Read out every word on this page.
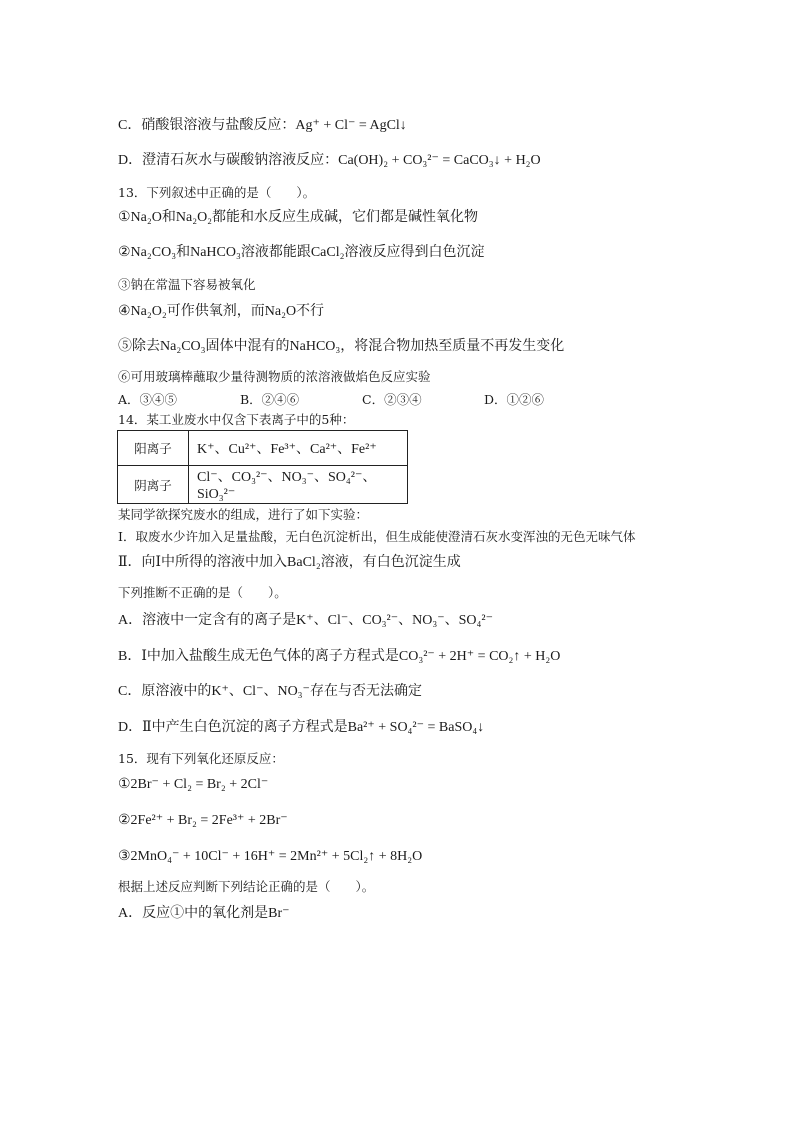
C．硝酸银溶液与盐酸反应：Ag⁺ + Cl⁻ = AgCl↓
D．澄清石灰水与碳酸钠溶液反应：Ca(OH)₂ + CO₃²⁻ = CaCO₃↓ + H₂O
13．下列叙述中正确的是（　　）。
①Na₂O和Na₂O₂都能和水反应生成碱，它们都是碱性氧化物
②Na₂CO₃和NaHCO₃溶液都能跟CaCl₂溶液反应得到白色沉淀
③钠在常温下容易被氧化
④Na₂O₂可作供氧剂，而Na₂O不行
⑤除去Na₂CO₃固体中混有的NaHCO₃，将混合物加热至质量不再发生变化
⑥可用玻璃棒蘸取少量待测物质的浓溶液做焰色反应实验
A．③④⑤	B．②④⑥	C．②③④	D．①②⑥
14．某工业废水中仅含下表离子中的5种：
阳离子	K⁺、Cu²⁺、Fe³⁺、Ca²⁺、Fe²⁺
阴离子	Cl⁻、CO₃²⁻、NO₃⁻、SO₄²⁻、SiO₃²⁻
某同学欲探究废水的组成，进行了如下实验：
Ⅰ．取废水少许加入足量盐酸，无白色沉淀析出，但生成能使澄清石灰水变浑浊的无色无味气体
Ⅱ．向Ⅰ中所得的溶液中加入BaCl₂溶液，有白色沉淀生成
下列推断不正确的是（　　）。
A．溶液中一定含有的离子是K⁺、Cl⁻、CO₃²⁻、NO₃⁻、SO₄²⁻
B．Ⅰ中加入盐酸生成无色气体的离子方程式是CO₃²⁻ + 2H⁺ = CO₂↑ + H₂O
C．原溶液中的K⁺、Cl⁻、NO₃⁻存在与否无法确定
D．Ⅱ中产生白色沉淀的离子方程式是Ba²⁺ + SO₄²⁻ = BaSO₄↓
15．现有下列氧化还原反应：
①2Br⁻ + Cl₂ = Br₂ + 2Cl⁻
②2Fe²⁺ + Br₂ = 2Fe³⁺ + 2Br⁻
③2MnO₄⁻ + 10Cl⁻ + 16H⁺ = 2Mn²⁺ + 5Cl₂↑ + 8H₂O
根据上述反应判断下列结论正确的是（　　）。
A．反应①中的氧化剂是Br⁻
